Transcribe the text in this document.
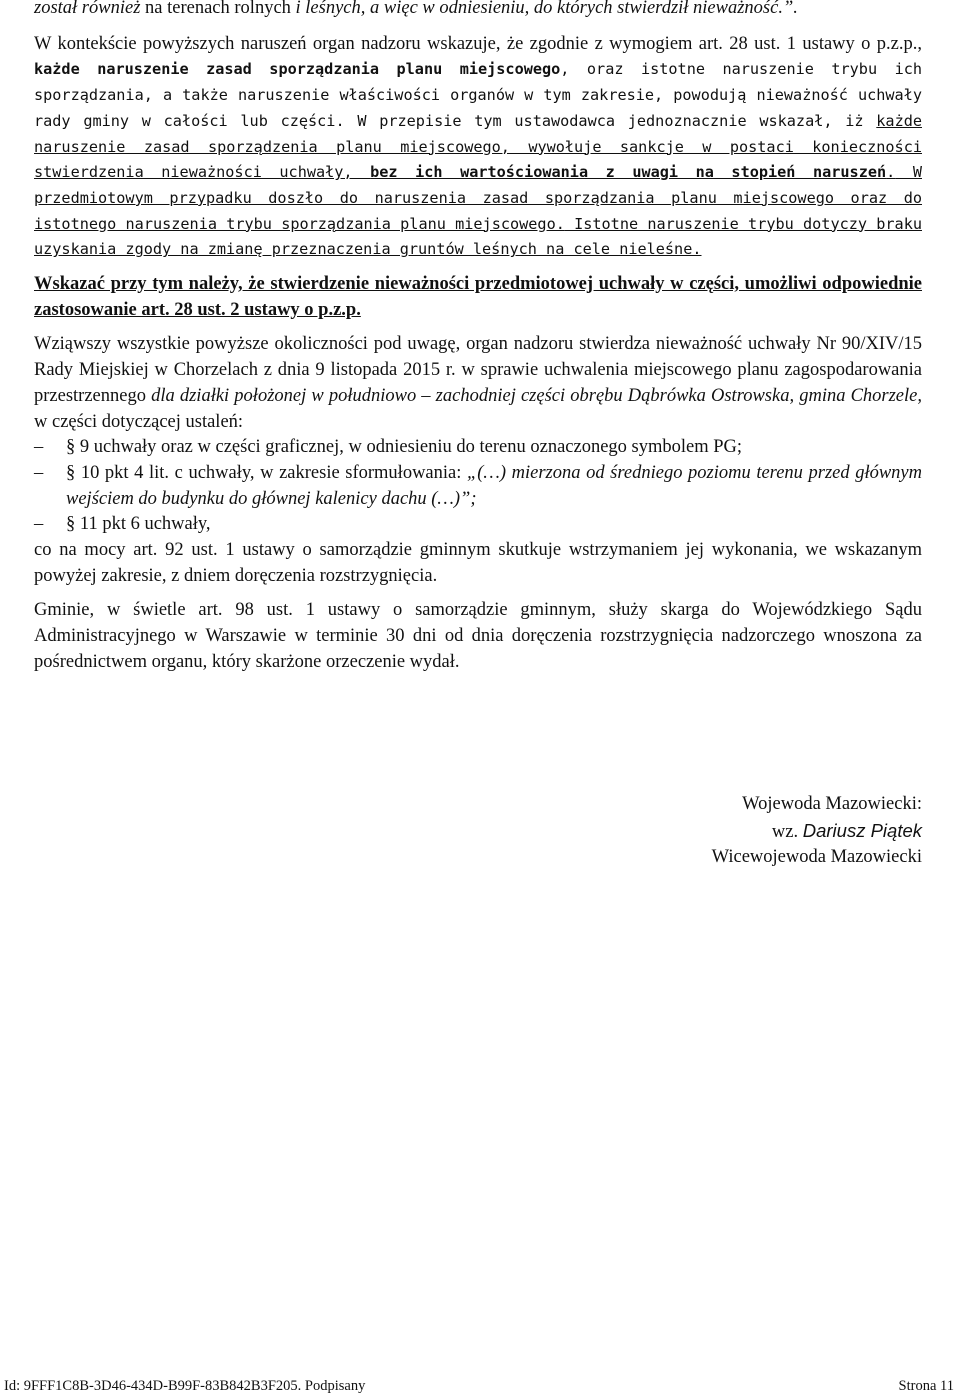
został również na terenach rolnych i leśnych, a więc w odniesieniu, do których stwierdził nieważność.”.

W kontekście powyższych naruszeń organ nadzoru wskazuje, że zgodnie z wymogiem art. 28 ust. 1 ustawy o p.z.p., każde naruszenie zasad sporządzania planu miejscowego, oraz istotne naruszenie trybu ich sporządzania, a także naruszenie właściwości organów w tym zakresie, powodują nieważność uchwały rady gminy w całości lub części. W przepisie tym ustawodawca jednoznacznie wskazał, iż każde naruszenie zasad sporządzenia planu miejscowego, wywołuje sankcje w postaci konieczności stwierdzenia nieważności uchwały, bez ich wartościowania z uwagi na stopień naruszeń. W przedmiotowym przypadku doszło do naruszenia zasad sporządzania planu miejscowego oraz do istotnego naruszenia trybu sporządzania planu miejscowego. Istotne naruszenie trybu dotyczy braku uzyskania zgody na zmianę przeznaczenia gruntów leśnych na cele nieleśne.

Wskazać przy tym należy, że stwierdzenie nieważności przedmiotowej uchwały w części, umożliwi odpowiednie zastosowanie art. 28 ust. 2 ustawy o p.z.p.

Wziąwszy wszystkie powyższe okoliczności pod uwagę, organ nadzoru stwierdza nieważność uchwały Nr 90/XIV/15 Rady Miejskiej w Chorzelach z dnia 9 listopada 2015 r. w sprawie uchwalenia miejscowego planu zagospodarowania przestrzennego dla działki położonej w południowo – zachodniej części obrębu Dąbrówka Ostrowska, gmina Chorzele, w części dotyczącej ustaleń:

– § 9 uchwały oraz w części graficznej, w odniesieniu do terenu oznaczonego symbolem PG;
– § 10 pkt 4 lit. c uchwały, w zakresie sformułowania: „(…) mierzona od średniego poziomu terenu przed głównym wejściem do budynku do głównej kalenicy dachu (…)”;
– § 11 pkt 6 uchwały,

co na mocy art. 92 ust. 1 ustawy o samorządzie gminnym skutkuje wstrzymaniem jej wykonania, we wskazanym powyżej zakresie, z dniem doręczenia rozstrzygnięcia.

Gminie, w świetle art. 98 ust. 1 ustawy o samorządzie gminnym, służy skarga do Wojewódzkiego Sądu Administracyjnego w Warszawie w terminie 30 dni od dnia doręczenia rozstrzygnięcia nadzorczego wnoszona za pośrednictwem organu, który skarżone orzeczenie wydał.

Wojewoda Mazowiecki:
wz. Dariusz Piątek
Wicewojewoda Mazowiecki
Id: 9FFF1C8B-3D46-434D-B99F-83B842B3F205. Podpisany	Strona 11
